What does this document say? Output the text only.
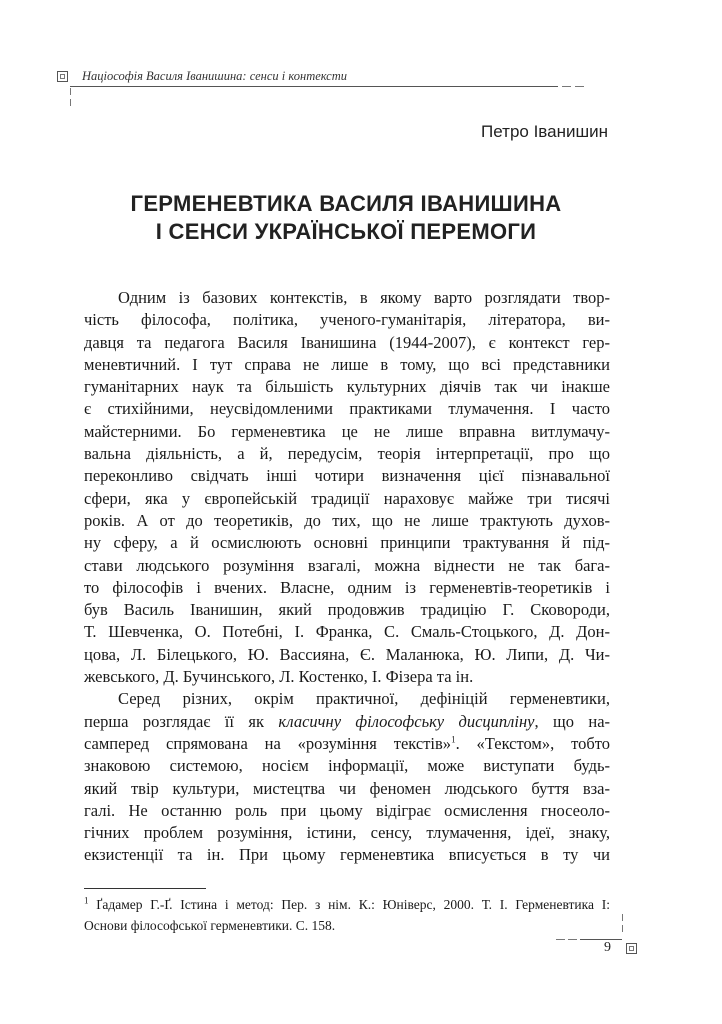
Націософія Василя Іванишина: сенси і контексти
Петро Іванишин
ГЕРМЕНЕВТИКА ВАСИЛЯ ІВАНИШИНА
І СЕНСИ УКРАЇНСЬКОЇ ПЕРЕМОГИ
Одним із базових контекстів, в якому варто розглядати твор-
чість філософа, політика, ученого-гуманітарія, літератора, ви-
давця та педагога Василя Іванишина (1944-2007), є контекст гер-
меневтичний. І тут справа не лише в тому, що всі представники
гуманітарних наук та більшість культурних діячів так чи інакше
є стихійними, неусвідомленими практиками тлумачення. І часто
майстерними. Бо герменевтика це не лише вправна витлумачу-
вальна діяльність, а й, передусім, теорія інтерпретації, про що
переконливо свідчать інші чотири визначення цієї пізнавальної
сфери, яка у європейській традиції нараховує майже три тисячі
років. А от до теоретиків, до тих, що не лише трактують духов-
ну сферу, а й осмислюють основні принципи трактування й під-
стави людського розуміння взагалі, можна віднести не так бага-
то філософів і вчених. Власне, одним із герменевтів-теоретиків і
був Василь Іванишин, який продовжив традицію Г. Сковороди,
Т. Шевченка, О. Потебні, І. Франка, С. Смаль-Стоцького, Д. Дон-
цова, Л. Білецького, Ю. Вассияна, Є. Маланюка, Ю. Липи, Д. Чи-
жевського, Д. Бучинського, Л. Костенко, І. Фізера та ін.
Серед різних, окрім практичної, дефініцій герменевтики,
перша розглядає її як класичну філософську дисципліну, що на-
самперед спрямована на «розуміння текстів»$^1$. «Текстом», тобто
знаковою системою, носієм інформації, може виступати будь-
який твір культури, мистецтва чи феномен людського буття взa-
галі. Не останню роль при цьому відіграє осмислення гносеоло-
гічних проблем розуміння, істини, сенсу, тлумачення, ідеї, знаку,
екзистенції та ін. При цьому герменевтика вписується в ту чи
$^1$ Ґадамер Г.-Ґ. Істина і метод: Пер. з нім. К.: Юніверс, 2000. Т. І. Герменевтика І:
Основи філософської герменевтики. С. 158.
9
